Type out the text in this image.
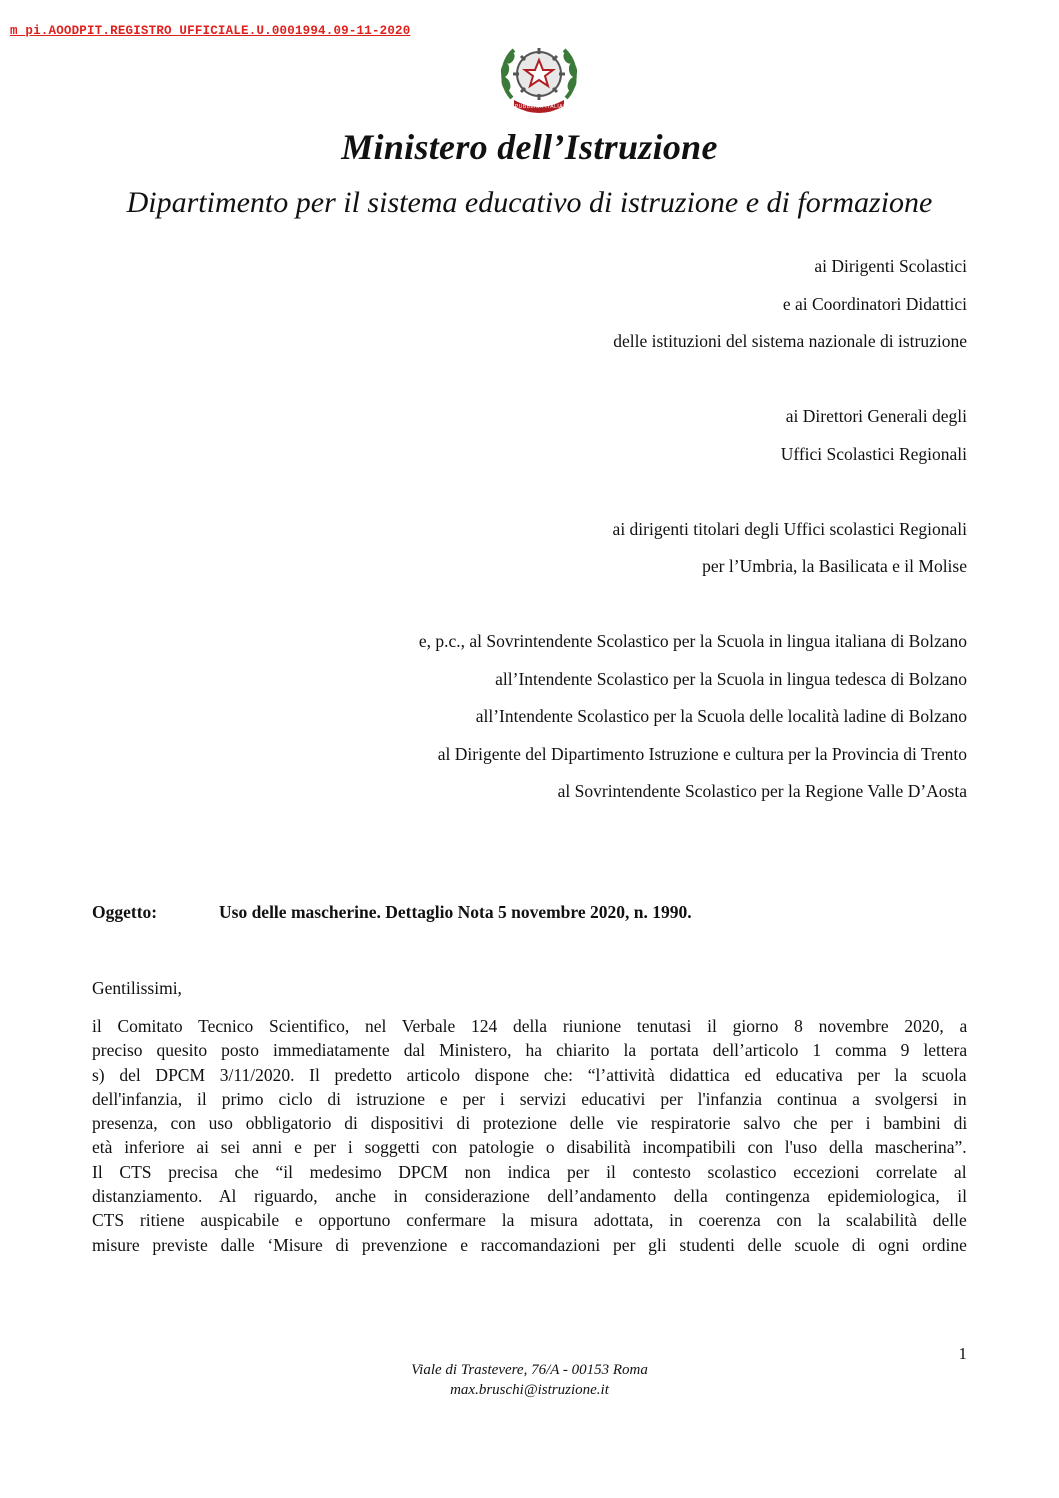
m_pi.AOODPIT.REGISTRO UFFICIALE.U.0001994.09-11-2020
REPUBBLICA ITALIANA
Ministero dell’Istruzione
Dipartimento per il sistema educativo di istruzione e di formazione
ai Dirigenti Scolastici
e ai Coordinatori Didattici
delle istituzioni del sistema nazionale di istruzione
ai Direttori Generali degli
Uffici Scolastici Regionali
ai dirigenti titolari degli Uffici scolastici Regionali
per l’Umbria, la Basilicata e il Molise
e, p.c., al Sovrintendente Scolastico per la Scuola in lingua italiana di Bolzano
all’Intendente Scolastico per la Scuola in lingua tedesca di Bolzano
all’Intendente Scolastico per la Scuola delle località ladine di Bolzano
al Dirigente del Dipartimento Istruzione e cultura per la Provincia di Trento
al Sovrintendente Scolastico per la Regione Valle D’Aosta
Oggetto:	Uso delle mascherine. Dettaglio Nota 5 novembre 2020, n. 1990.
Gentilissimi,
il Comitato Tecnico Scientifico, nel Verbale 124 della riunione tenutasi il giorno 8 novembre 2020, a
preciso quesito posto immediatamente dal Ministero, ha chiarito la portata dell’articolo 1 comma 9 lettera
s) del DPCM 3/11/2020. Il predetto articolo dispone che: “l’attività didattica ed educativa per la scuola
dell'infanzia, il primo ciclo di istruzione e per i servizi educativi per l'infanzia continua a svolgersi in
presenza, con uso obbligatorio di dispositivi di protezione delle vie respiratorie salvo che per i bambini di
età inferiore ai sei anni e per i soggetti con patologie o disabilità incompatibili con l'uso della mascherina”.
Il CTS precisa che “il medesimo DPCM non indica per il contesto scolastico eccezioni correlate al
distanziamento. Al riguardo, anche in considerazione dell’andamento della contingenza epidemiologica, il
CTS ritiene auspicabile e opportuno confermare la misura adottata, in coerenza con la scalabilità delle
misure previste dalle ‘Misure di prevenzione e raccomandazioni per gli studenti delle scuole di ogni ordine
1
Viale di Trastevere, 76/A - 00153 Roma
max.bruschi@istruzione.it
